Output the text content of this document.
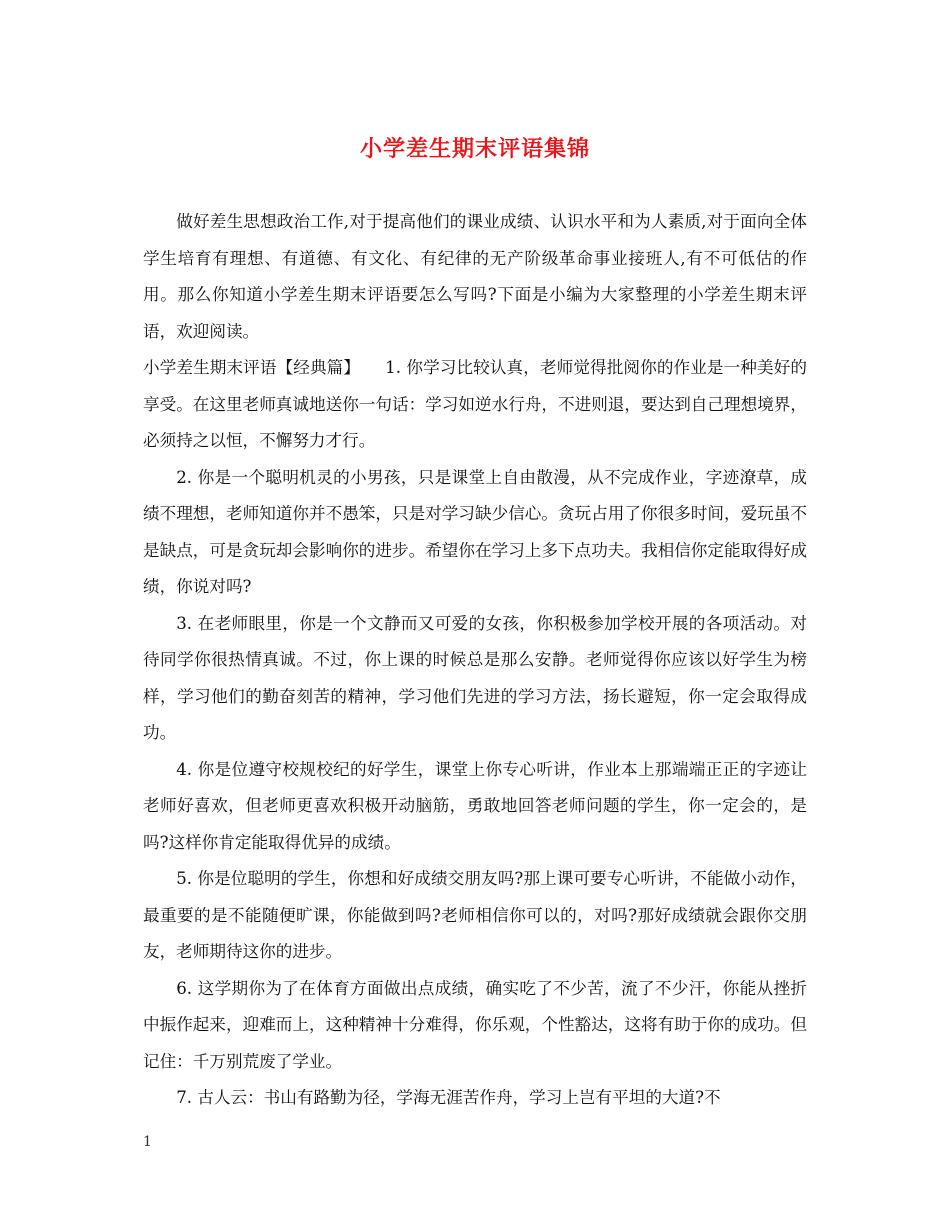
小学差生期末评语集锦

做好差生思想政治工作,对于提高他们的课业成绩、认识水平和为人素质,对于面向全体学生培育有理想、有道德、有文化、有纪律的无产阶级革命事业接班人,有不可低估的作用。那么你知道小学差生期末评语要怎么写吗?下面是小编为大家整理的小学差生期末评语，欢迎阅读。

小学差生期末评语【经典篇】　　1. 你学习比较认真，老师觉得批阅你的作业是一种美好的享受。在这里老师真诚地送你一句话：学习如逆水行舟，不进则退，要达到自己理想境界，必须持之以恒，不懈努力才行。

2. 你是一个聪明机灵的小男孩，只是课堂上自由散漫，从不完成作业，字迹潦草，成绩不理想，老师知道你并不愚笨，只是对学习缺少信心。贪玩占用了你很多时间，爱玩虽不是缺点，可是贪玩却会影响你的进步。希望你在学习上多下点功夫。我相信你定能取得好成绩，你说对吗?

3. 在老师眼里，你是一个文静而又可爱的女孩，你积极参加学校开展的各项活动。对待同学你很热情真诚。不过，你上课的时候总是那么安静。老师觉得你应该以好学生为榜样，学习他们的勤奋刻苦的精神，学习他们先进的学习方法，扬长避短，你一定会取得成功。

4. 你是位遵守校规校纪的好学生，课堂上你专心听讲，作业本上那端端正正的字迹让老师好喜欢，但老师更喜欢积极开动脑筋，勇敢地回答老师问题的学生，你一定会的，是吗?这样你肯定能取得优异的成绩。

5. 你是位聪明的学生，你想和好成绩交朋友吗?那上课可要专心听讲，不能做小动作，最重要的是不能随便旷课，你能做到吗?老师相信你可以的，对吗?那好成绩就会跟你交朋友，老师期待这你的进步。

6. 这学期你为了在体育方面做出点成绩，确实吃了不少苦，流了不少汗，你能从挫折中振作起来，迎难而上，这种精神十分难得，你乐观，个性豁达，这将有助于你的成功。但记住：千万别荒废了学业。

7. 古人云：书山有路勤为径，学海无涯苦作舟，学习上岂有平坦的大道?不

1
